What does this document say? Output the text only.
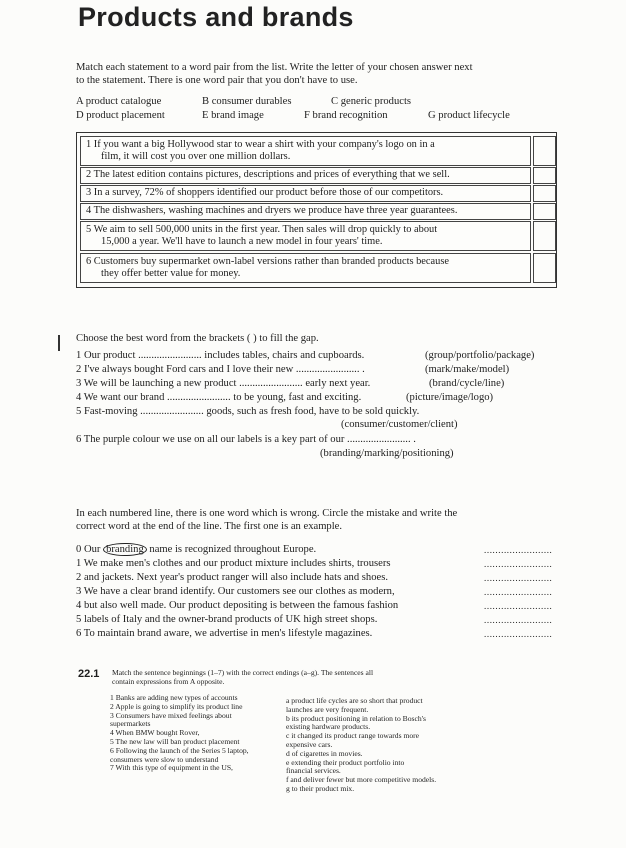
Products and brands
Match each statement to a word pair from the list. Write the letter of your chosen answer next
to the statement. There is one word pair that you don't have to use.
A product catalogue	B consumer durables	C generic products
D product placement	E brand image	F brand recognition	G product lifecycle
1 If you want a big Hollywood star to wear a shirt with your company's logo on in a
film, it will cost you over one million dollars.
2 The latest edition contains pictures, descriptions and prices of everything that we sell.
3 In a survey, 72% of shoppers identified our product before those of our competitors.
4 The dishwashers, washing machines and dryers we produce have three year guarantees.
5 We aim to sell 500,000 units in the first year. Then sales will drop quickly to about
15,000 a year. We'll have to launch a new model in four years' time.
6 Customers buy supermarket own-label versions rather than branded products because
they offer better value for money.
Choose the best word from the brackets ( ) to fill the gap.
1 Our product ........................ includes tables, chairs and cupboards.	(group/portfolio/package)
2 I've always bought Ford cars and I love their new ........................ .	(mark/make/model)
3 We will be launching a new product ........................ early next year.	(brand/cycle/line)
4 We want our brand ........................ to be young, fast and exciting.	(picture/image/logo)
5 Fast-moving ........................ goods, such as fresh food, have to be sold quickly.
(consumer/customer/client)
6 The purple colour we use on all our labels is a key part of our ........................ .
(branding/marking/positioning)
In each numbered line, there is one word which is wrong. Circle the mistake and write the
correct word at the end of the line. The first one is an example.
0 Our branding name is recognized throughout Europe.	........................
1 We make men's clothes and our product mixture includes shirts, trousers	........................
2 and jackets. Next year's product ranger will also include hats and shoes.	........................
3 We have a clear brand identify. Our customers see our clothes as modern,	........................
4 but also well made. Our product depositing is between the famous fashion	........................
5 labels of Italy and the owner-brand products of UK high street shops.	........................
6 To maintain brand aware, we advertise in men's lifestyle magazines.	........................
22.1 Match the sentence beginnings (1–7) with the correct endings (a–g). The sentences all
contain expressions from A opposite.
1 Banks are adding new types of accounts
2 Apple is going to simplify its product line
3 Consumers have mixed feelings about
supermarkets
4 When BMW bought Rover,
5 The new law will ban product placement
6 Following the launch of the Series 5 laptop,
consumers were slow to understand
7 With this type of equipment in the US,
a product life cycles are so short that product
launches are very frequent.
b its product positioning in relation to Bosch's
existing hardware products.
c it changed its product range towards more
expensive cars.
d of cigarettes in movies.
e extending their product portfolio into
financial services.
f and deliver fewer but more competitive models.
g to their product mix.
